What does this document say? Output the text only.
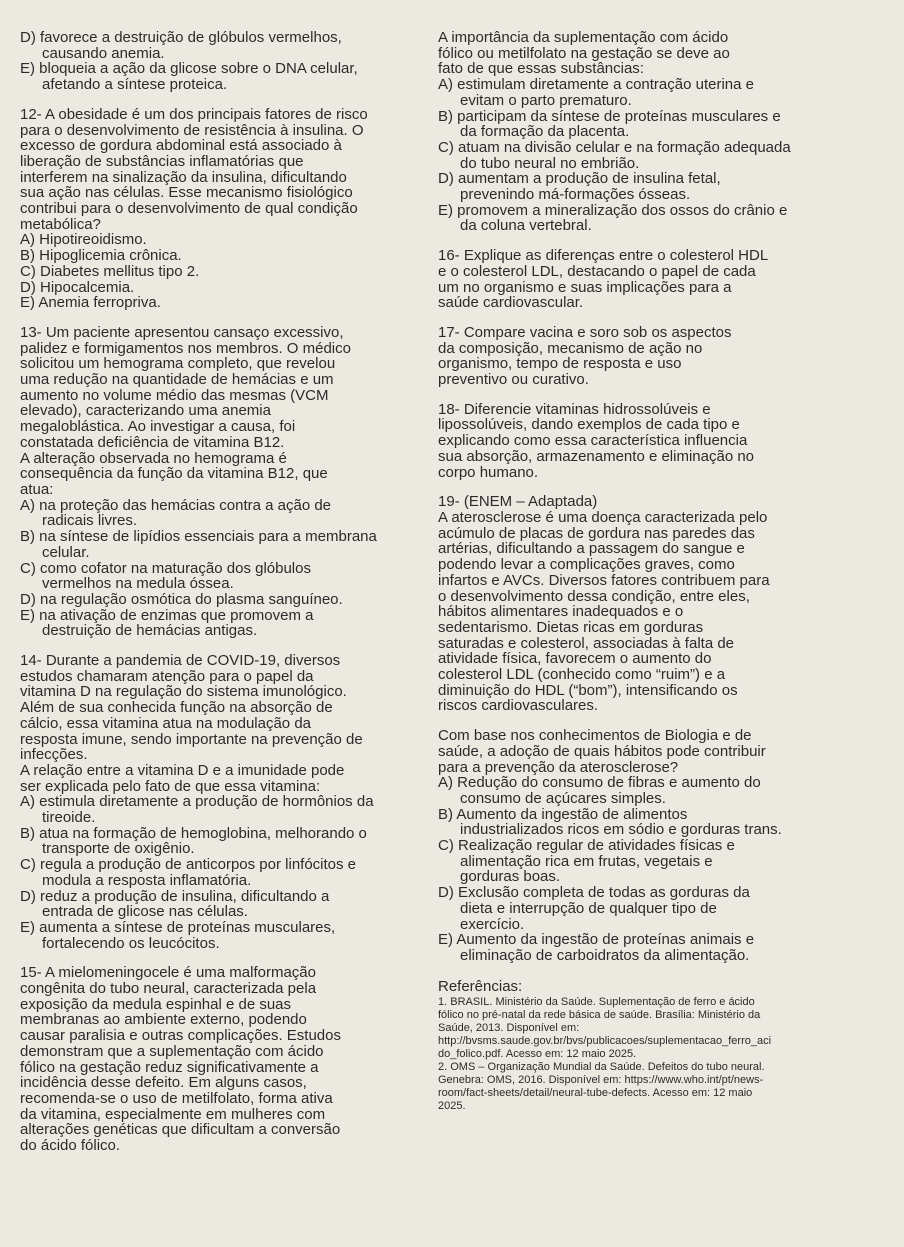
D) favorece a destruição de glóbulos vermelhos,
causando anemia.
E) bloqueia a ação da glicose sobre o DNA celular,
afetando a síntese proteica.
12- A obesidade é um dos principais fatores de risco
para o desenvolvimento de resistência à insulina. O
excesso de gordura abdominal está associado à
liberação de substâncias inflamatórias que
interferem na sinalização da insulina, dificultando
sua ação nas células. Esse mecanismo fisiológico
contribui para o desenvolvimento de qual condição
metabólica?
A) Hipotireoidismo.
B) Hipoglicemia crônica.
C) Diabetes mellitus tipo 2.
D) Hipocalcemia.
E) Anemia ferropriva.
13- Um paciente apresentou cansaço excessivo,
palidez e formigamentos nos membros. O médico
solicitou um hemograma completo, que revelou
uma redução na quantidade de hemácias e um
aumento no volume médio das mesmas (VCM
elevado), caracterizando uma anemia
megaloblástica. Ao investigar a causa, foi
constatada deficiência de vitamina B12.
A alteração observada no hemograma é
consequência da função da vitamina B12, que
atua:
A) na proteção das hemácias contra a ação de
radicais livres.
B) na síntese de lipídios essenciais para a membrana
celular.
C) como cofator na maturação dos glóbulos
vermelhos na medula óssea.
D) na regulação osmótica do plasma sanguíneo.
E) na ativação de enzimas que promovem a
destruição de hemácias antigas.
14- Durante a pandemia de COVID-19, diversos
estudos chamaram atenção para o papel da
vitamina D na regulação do sistema imunológico.
Além de sua conhecida função na absorção de
cálcio, essa vitamina atua na modulação da
resposta imune, sendo importante na prevenção de
infecções.
A relação entre a vitamina D e a imunidade pode
ser explicada pelo fato de que essa vitamina:
A) estimula diretamente a produção de hormônios da
tireoide.
B) atua na formação de hemoglobina, melhorando o
transporte de oxigênio.
C) regula a produção de anticorpos por linfócitos e
modula a resposta inflamatória.
D) reduz a produção de insulina, dificultando a
entrada de glicose nas células.
E) aumenta a síntese de proteínas musculares,
fortalecendo os leucócitos.
15- A mielomeningocele é uma malformação
congênita do tubo neural, caracterizada pela
exposição da medula espinhal e de suas
membranas ao ambiente externo, podendo
causar paralisia e outras complicações. Estudos
demonstram que a suplementação com ácido
fólico na gestação reduz significativamente a
incidência desse defeito. Em alguns casos,
recomenda-se o uso de metilfolato, forma ativa
da vitamina, especialmente em mulheres com
alterações genéticas que dificultam a conversão
do ácido fólico.
A importância da suplementação com ácido
fólico ou metilfolato na gestação se deve ao
fato de que essas substâncias:
A) estimulam diretamente a contração uterina e
evitam o parto prematuro.
B) participam da síntese de proteínas musculares e
da formação da placenta.
C) atuam na divisão celular e na formação adequada
do tubo neural no embrião.
D) aumentam a produção de insulina fetal,
prevenindo má-formações ósseas.
E) promovem a mineralização dos ossos do crânio e
da coluna vertebral.
16- Explique as diferenças entre o colesterol HDL
e o colesterol LDL, destacando o papel de cada
um no organismo e suas implicações para a
saúde cardiovascular.
17- Compare vacina e soro sob os aspectos
da composição, mecanismo de ação no
organismo, tempo de resposta e uso
preventivo ou curativo.
18- Diferencie vitaminas hidrossolúveis e
lipossolúveis, dando exemplos de cada tipo e
explicando como essa característica influencia
sua absorção, armazenamento e eliminação no
corpo humano.
19- (ENEM – Adaptada)
A aterosclerose é uma doença caracterizada pelo
acúmulo de placas de gordura nas paredes das
artérias, dificultando a passagem do sangue e
podendo levar a complicações graves, como
infartos e AVCs. Diversos fatores contribuem para
o desenvolvimento dessa condição, entre eles,
hábitos alimentares inadequados e o
sedentarismo. Dietas ricas em gorduras
saturadas e colesterol, associadas à falta de
atividade física, favorecem o aumento do
colesterol LDL (conhecido como “ruim”) e a
diminuição do HDL (“bom”), intensificando os
riscos cardiovasculares.
Com base nos conhecimentos de Biologia e de
saúde, a adoção de quais hábitos pode contribuir
para a prevenção da aterosclerose?
A) Redução do consumo de fibras e aumento do
consumo de açúcares simples.
B) Aumento da ingestão de alimentos
industrializados ricos em sódio e gorduras trans.
C) Realização regular de atividades físicas e
alimentação rica em frutas, vegetais e
gorduras boas.
D) Exclusão completa de todas as gorduras da
dieta e interrupção de qualquer tipo de
exercício.
E) Aumento da ingestão de proteínas animais e
eliminação de carboidratos da alimentação.
Referências:
1. BRASIL. Ministério da Saúde. Suplementação de ferro e ácido
fólico no pré-natal da rede básica de saúde. Brasília: Ministério da
Saúde, 2013. Disponível em:
http://bvsms.saude.gov.br/bvs/publicacoes/suplementacao_ferro_aci
do_folico.pdf. Acesso em: 12 maio 2025.
2. OMS – Organização Mundial da Saúde. Defeitos do tubo neural.
Genebra: OMS, 2016. Disponível em: https://www.who.int/pt/news-
room/fact-sheets/detail/neural-tube-defects. Acesso em: 12 maio
2025.
